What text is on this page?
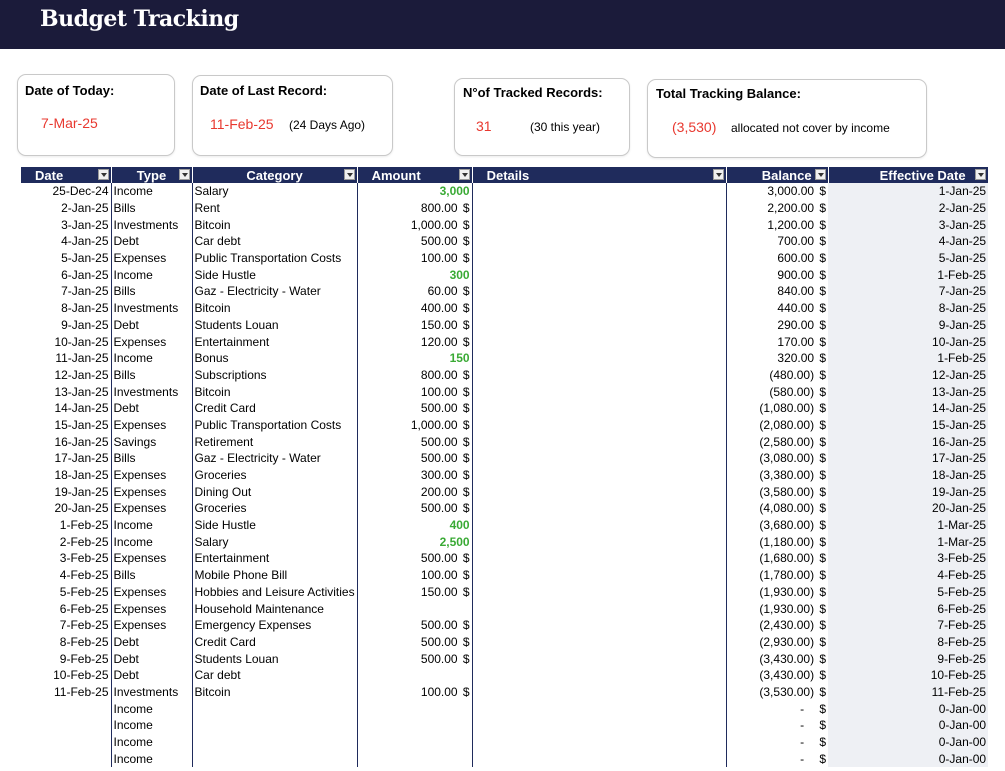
Budget Tracking
Date of Today:
7-Mar-25
Date of Last Record:
11-Feb-25 (24 Days Ago)
N°of Tracked Records:
31	(30 this year)
Total Tracking Balance:
(3,530) allocated not cover by income
Date	Type	Category	Amount	Details	Balance	Effective Date

25-Dec-24	Income	Salary	3,000		3,000.00 $	1-Jan-25
2-Jan-25	Bills	Rent	800.00 $		2,200.00 $	2-Jan-25
3-Jan-25	Investments	Bitcoin	1,000.00 $		1,200.00 $	3-Jan-25
4-Jan-25	Debt	Car debt	500.00 $		700.00 $	4-Jan-25
5-Jan-25	Expenses	Public Transportation Costs	100.00 $		600.00 $	5-Jan-25
6-Jan-25	Income	Side Hustle	300		900.00 $	1-Feb-25
7-Jan-25	Bills	Gaz - Electricity - Water	60.00 $		840.00 $	7-Jan-25
8-Jan-25	Investments	Bitcoin	400.00 $		440.00 $	8-Jan-25
9-Jan-25	Debt	Students Louan	150.00 $		290.00 $	9-Jan-25
10-Jan-25	Expenses	Entertainment	120.00 $		170.00 $	10-Jan-25
11-Jan-25	Income	Bonus	150		320.00 $	1-Feb-25
12-Jan-25	Bills	Subscriptions	800.00 $		(480.00) $	12-Jan-25
13-Jan-25	Investments	Bitcoin	100.00 $		(580.00) $	13-Jan-25
14-Jan-25	Debt	Credit Card	500.00 $		(1,080.00) $	14-Jan-25
15-Jan-25	Expenses	Public Transportation Costs	1,000.00 $		(2,080.00) $	15-Jan-25
16-Jan-25	Savings	Retirement	500.00 $		(2,580.00) $	16-Jan-25
17-Jan-25	Bills	Gaz - Electricity - Water	500.00 $		(3,080.00) $	17-Jan-25
18-Jan-25	Expenses	Groceries	300.00 $		(3,380.00) $	18-Jan-25
19-Jan-25	Expenses	Dining Out	200.00 $		(3,580.00) $	19-Jan-25
20-Jan-25	Expenses	Groceries	500.00 $		(4,080.00) $	20-Jan-25
1-Feb-25	Income	Side Hustle	400		(3,680.00) $	1-Mar-25
2-Feb-25	Income	Salary	2,500		(1,180.00) $	1-Mar-25
3-Feb-25	Expenses	Entertainment	500.00 $		(1,680.00) $	3-Feb-25
4-Feb-25	Bills	Mobile Phone Bill	100.00 $		(1,780.00) $	4-Feb-25
5-Feb-25	Expenses	Hobbies and Leisure Activities	150.00 $		(1,930.00) $	5-Feb-25
6-Feb-25	Expenses	Household Maintenance			(1,930.00) $	6-Feb-25
7-Feb-25	Expenses	Emergency Expenses	500.00 $		(2,430.00) $	7-Feb-25
8-Feb-25	Debt	Credit Card	500.00 $		(2,930.00) $	8-Feb-25
9-Feb-25	Debt	Students Louan	500.00 $		(3,430.00) $	9-Feb-25
10-Feb-25	Debt	Car debt			(3,430.00) $	10-Feb-25
11-Feb-25	Investments	Bitcoin	100.00 $		(3,530.00) $	11-Feb-25
	Income				- $	0-Jan-00
	Income				- $	0-Jan-00
	Income				- $	0-Jan-00
	Income				- $	0-Jan-00
